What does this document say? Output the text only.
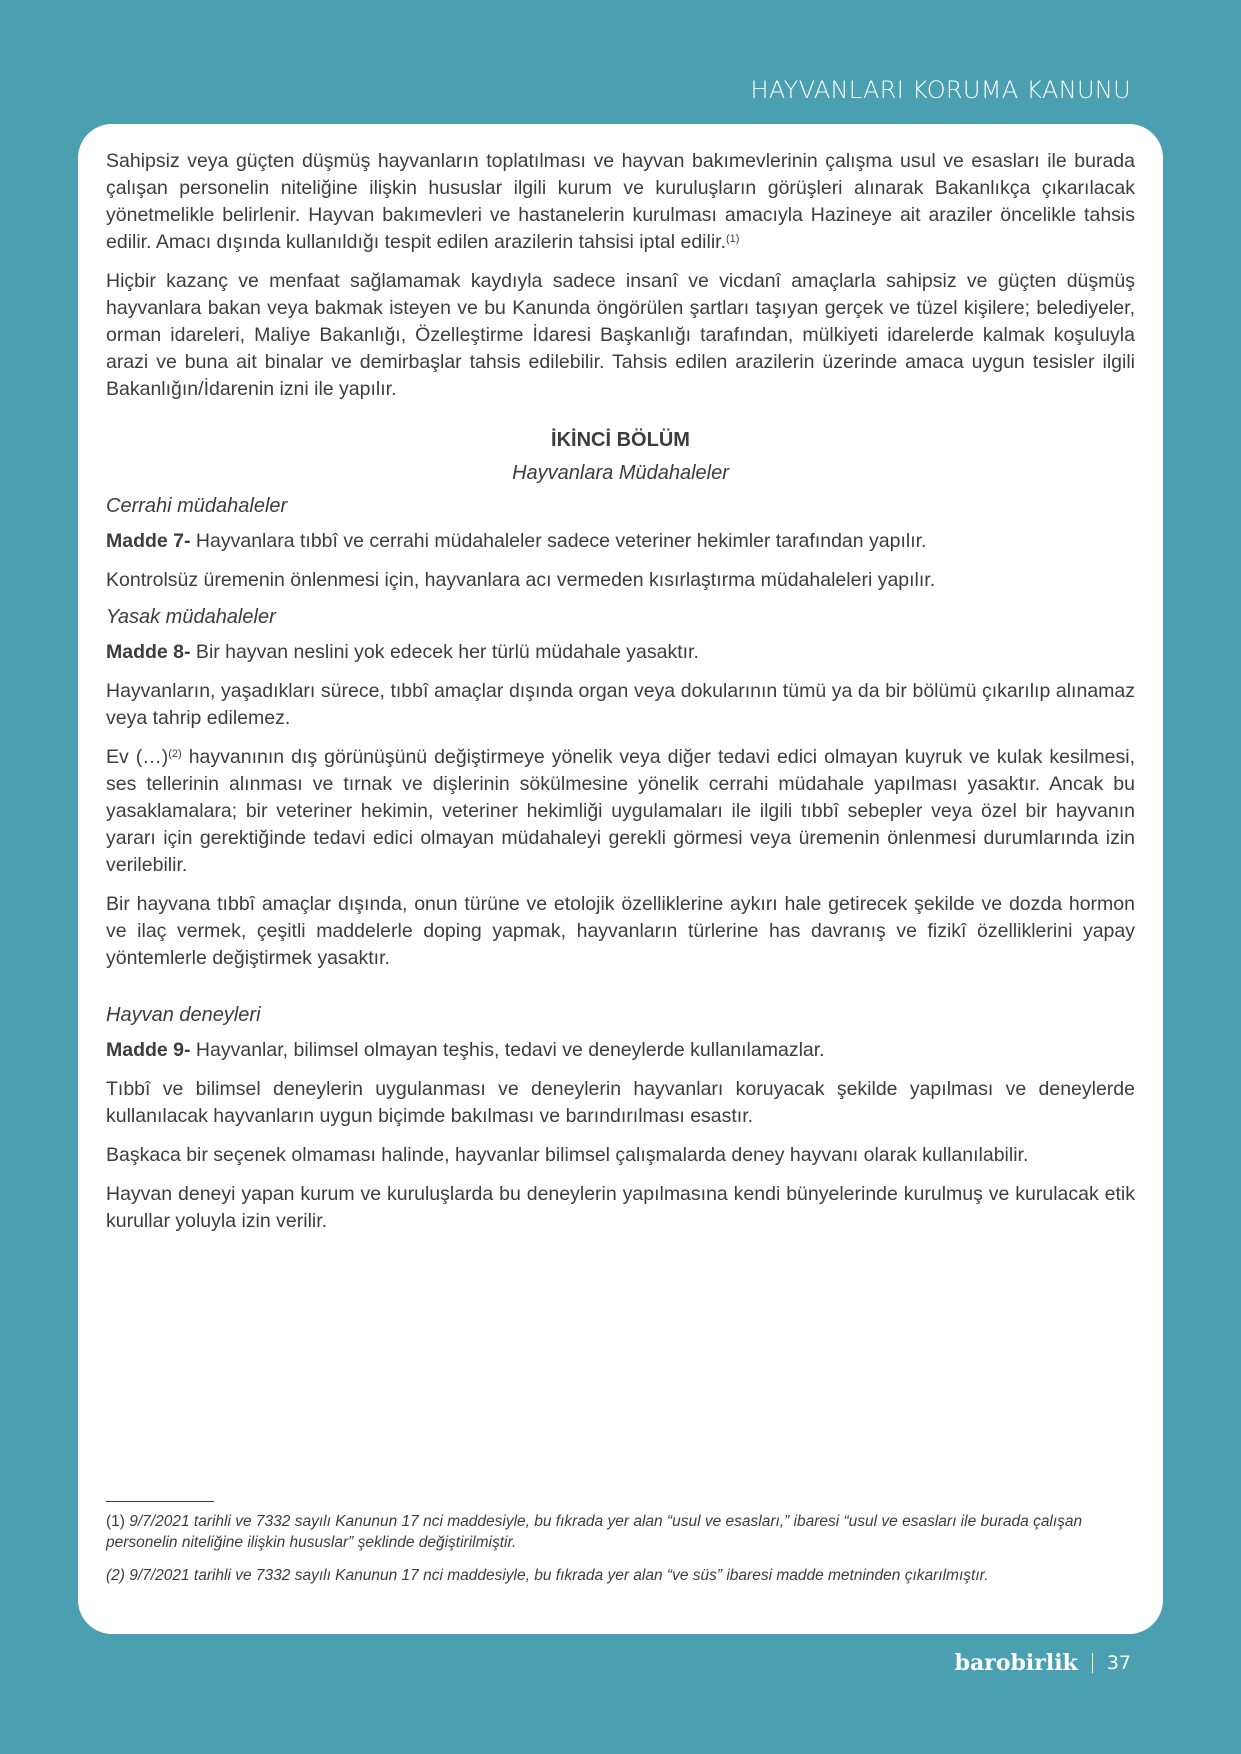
HAYVANLARI KORUMA KANUNU

Sahipsiz veya güçten düşmüş hayvanların toplatılması ve hayvan bakımevlerinin çalışma usul ve esasları ile burada çalışan personelin niteliğine ilişkin hususlar ilgili kurum ve kuruluşların görüşleri alınarak Bakanlıkça çıkarılacak yönetmelikle belirlenir. Hayvan bakımevleri ve hastanelerin kurulması amacıyla Hazineye ait araziler öncelikle tahsis edilir. Amacı dışında kullanıldığı tespit edilen arazilerin tahsisi iptal edilir.$^{(1)}$

Hiçbir kazanç ve menfaat sağlamamak kaydıyla sadece insanî ve vicdanî amaçlarla sahipsiz ve güçten düşmüş hayvanlara bakan veya bakmak isteyen ve bu Kanunda öngörülen şartları taşıyan gerçek ve tüzel kişilere; belediyeler, orman idareleri, Maliye Bakanlığı, Özelleştirme İdaresi Başkanlığı tarafından, mülkiyeti idarelerde kalmak koşuluyla arazi ve buna ait binalar ve demirbaşlar tahsis edilebilir. Tahsis edilen arazilerin üzerinde amaca uygun tesisler ilgili Bakanlığın/İdarenin izni ile yapılır.

İKİNCİ BÖLÜM
Hayvanlara Müdahaleler
Cerrahi müdahaleler

Madde 7- Hayvanlara tıbbî ve cerrahi müdahaleler sadece veteriner hekimler tarafından yapılır.

Kontrolsüz üremenin önlenmesi için, hayvanlara acı vermeden kısırlaştırma müdahaleleri yapılır.

Yasak müdahaleler

Madde 8- Bir hayvan neslini yok edecek her türlü müdahale yasaktır.

Hayvanların, yaşadıkları sürece, tıbbî amaçlar dışında organ veya dokularının tümü ya da bir bölümü çıkarılıp alınamaz veya tahrip edilemez.

Ev (…)$^{(2)}$ hayvanının dış görünüşünü değiştirmeye yönelik veya diğer tedavi edici olmayan kuyruk ve kulak kesilmesi, ses tellerinin alınması ve tırnak ve dişlerinin sökülmesine yönelik cerrahi müdahale yapılması yasaktır. Ancak bu yasaklamalara; bir veteriner hekimin, veteriner hekimliği uygulamaları ile ilgili tıbbî sebepler veya özel bir hayvanın yararı için gerektiğinde tedavi edici olmayan müdahaleyi gerekli görmesi veya üremenin önlenmesi durumlarında izin verilebilir.

Bir hayvana tıbbî amaçlar dışında, onun türüne ve etolojik özelliklerine aykırı hale getirecek şekilde ve dozda hormon ve ilaç vermek, çeşitli maddelerle doping yapmak, hayvanların türlerine has davranış ve fizikî özelliklerini yapay yöntemlerle değiştirmek yasaktır.

Hayvan deneyleri

Madde 9- Hayvanlar, bilimsel olmayan teşhis, tedavi ve deneylerde kullanılamazlar.

Tıbbî ve bilimsel deneylerin uygulanması ve deneylerin hayvanları koruyacak şekilde yapılması ve deneylerde kullanılacak hayvanların uygun biçimde bakılması ve barındırılması esastır.

Başkaca bir seçenek olmaması halinde, hayvanlar bilimsel çalışmalarda deney hayvanı olarak kullanılabilir.

Hayvan deneyi yapan kurum ve kuruluşlarda bu deneylerin yapılmasına kendi bünyelerinde kurulmuş ve kurulacak etik kurullar yoluyla izin verilir.

______________

(1) 9/7/2021 tarihli ve 7332 sayılı Kanunun 17 nci maddesiyle, bu fıkrada yer alan “usul ve esasları,” ibaresi “usul ve esasları ile burada çalışan personelin niteliğine ilişkin hususlar” şeklinde değiştirilmiştir.

(2) 9/7/2021 tarihli ve 7332 sayılı Kanunun 17 nci maddesiyle, bu fıkrada yer alan “ve süs” ibaresi madde metninden çıkarılmıştır.

barobirlik 37
